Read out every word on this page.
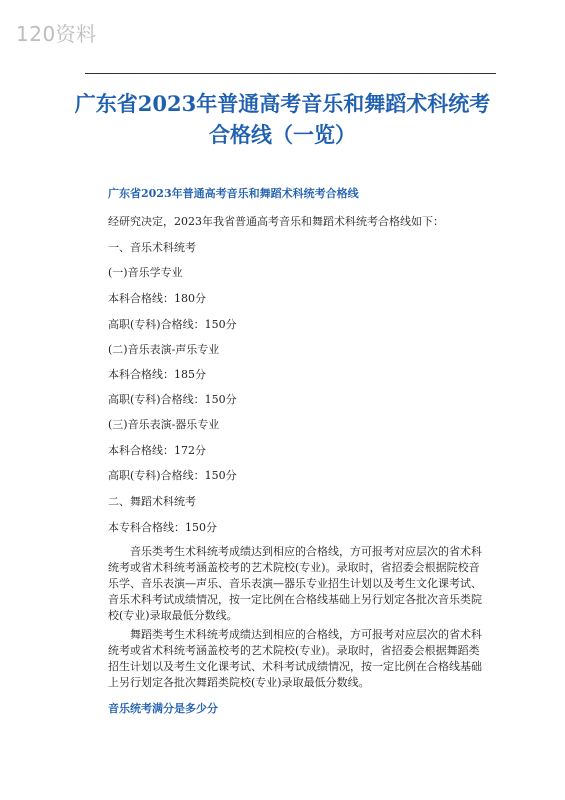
120资料
广东省2023年普通高考音乐和舞蹈术科统考合格线（一览）
广东省2023年普通高考音乐和舞蹈术科统考合格线
经研究决定，2023年我省普通高考音乐和舞蹈术科统考合格线如下：
一、音乐术科统考
(一)音乐学专业
本科合格线：180分
高职(专科)合格线：150分
(二)音乐表演-声乐专业
本科合格线：185分
高职(专科)合格线：150分
(三)音乐表演-器乐专业
本科合格线：172分
高职(专科)合格线：150分
二、舞蹈术科统考
本专科合格线：150分
音乐类考生术科统考成绩达到相应的合格线，方可报考对应层次的省术科统考或省术科统考涵盖校考的艺术院校(专业)。录取时，省招委会根据院校音乐学、音乐表演—声乐、音乐表演—器乐专业招生计划以及考生文化课考试、音乐术科考试成绩情况，按一定比例在合格线基础上另行划定各批次音乐类院校(专业)录取最低分数线。
舞蹈类考生术科统考成绩达到相应的合格线，方可报考对应层次的省术科统考或省术科统考涵盖校考的艺术院校(专业)。录取时，省招委会根据舞蹈类招生计划以及考生文化课考试、术科考试成绩情况，按一定比例在合格线基础上另行划定各批次舞蹈类院校(专业)录取最低分数线。
音乐统考满分是多少分
